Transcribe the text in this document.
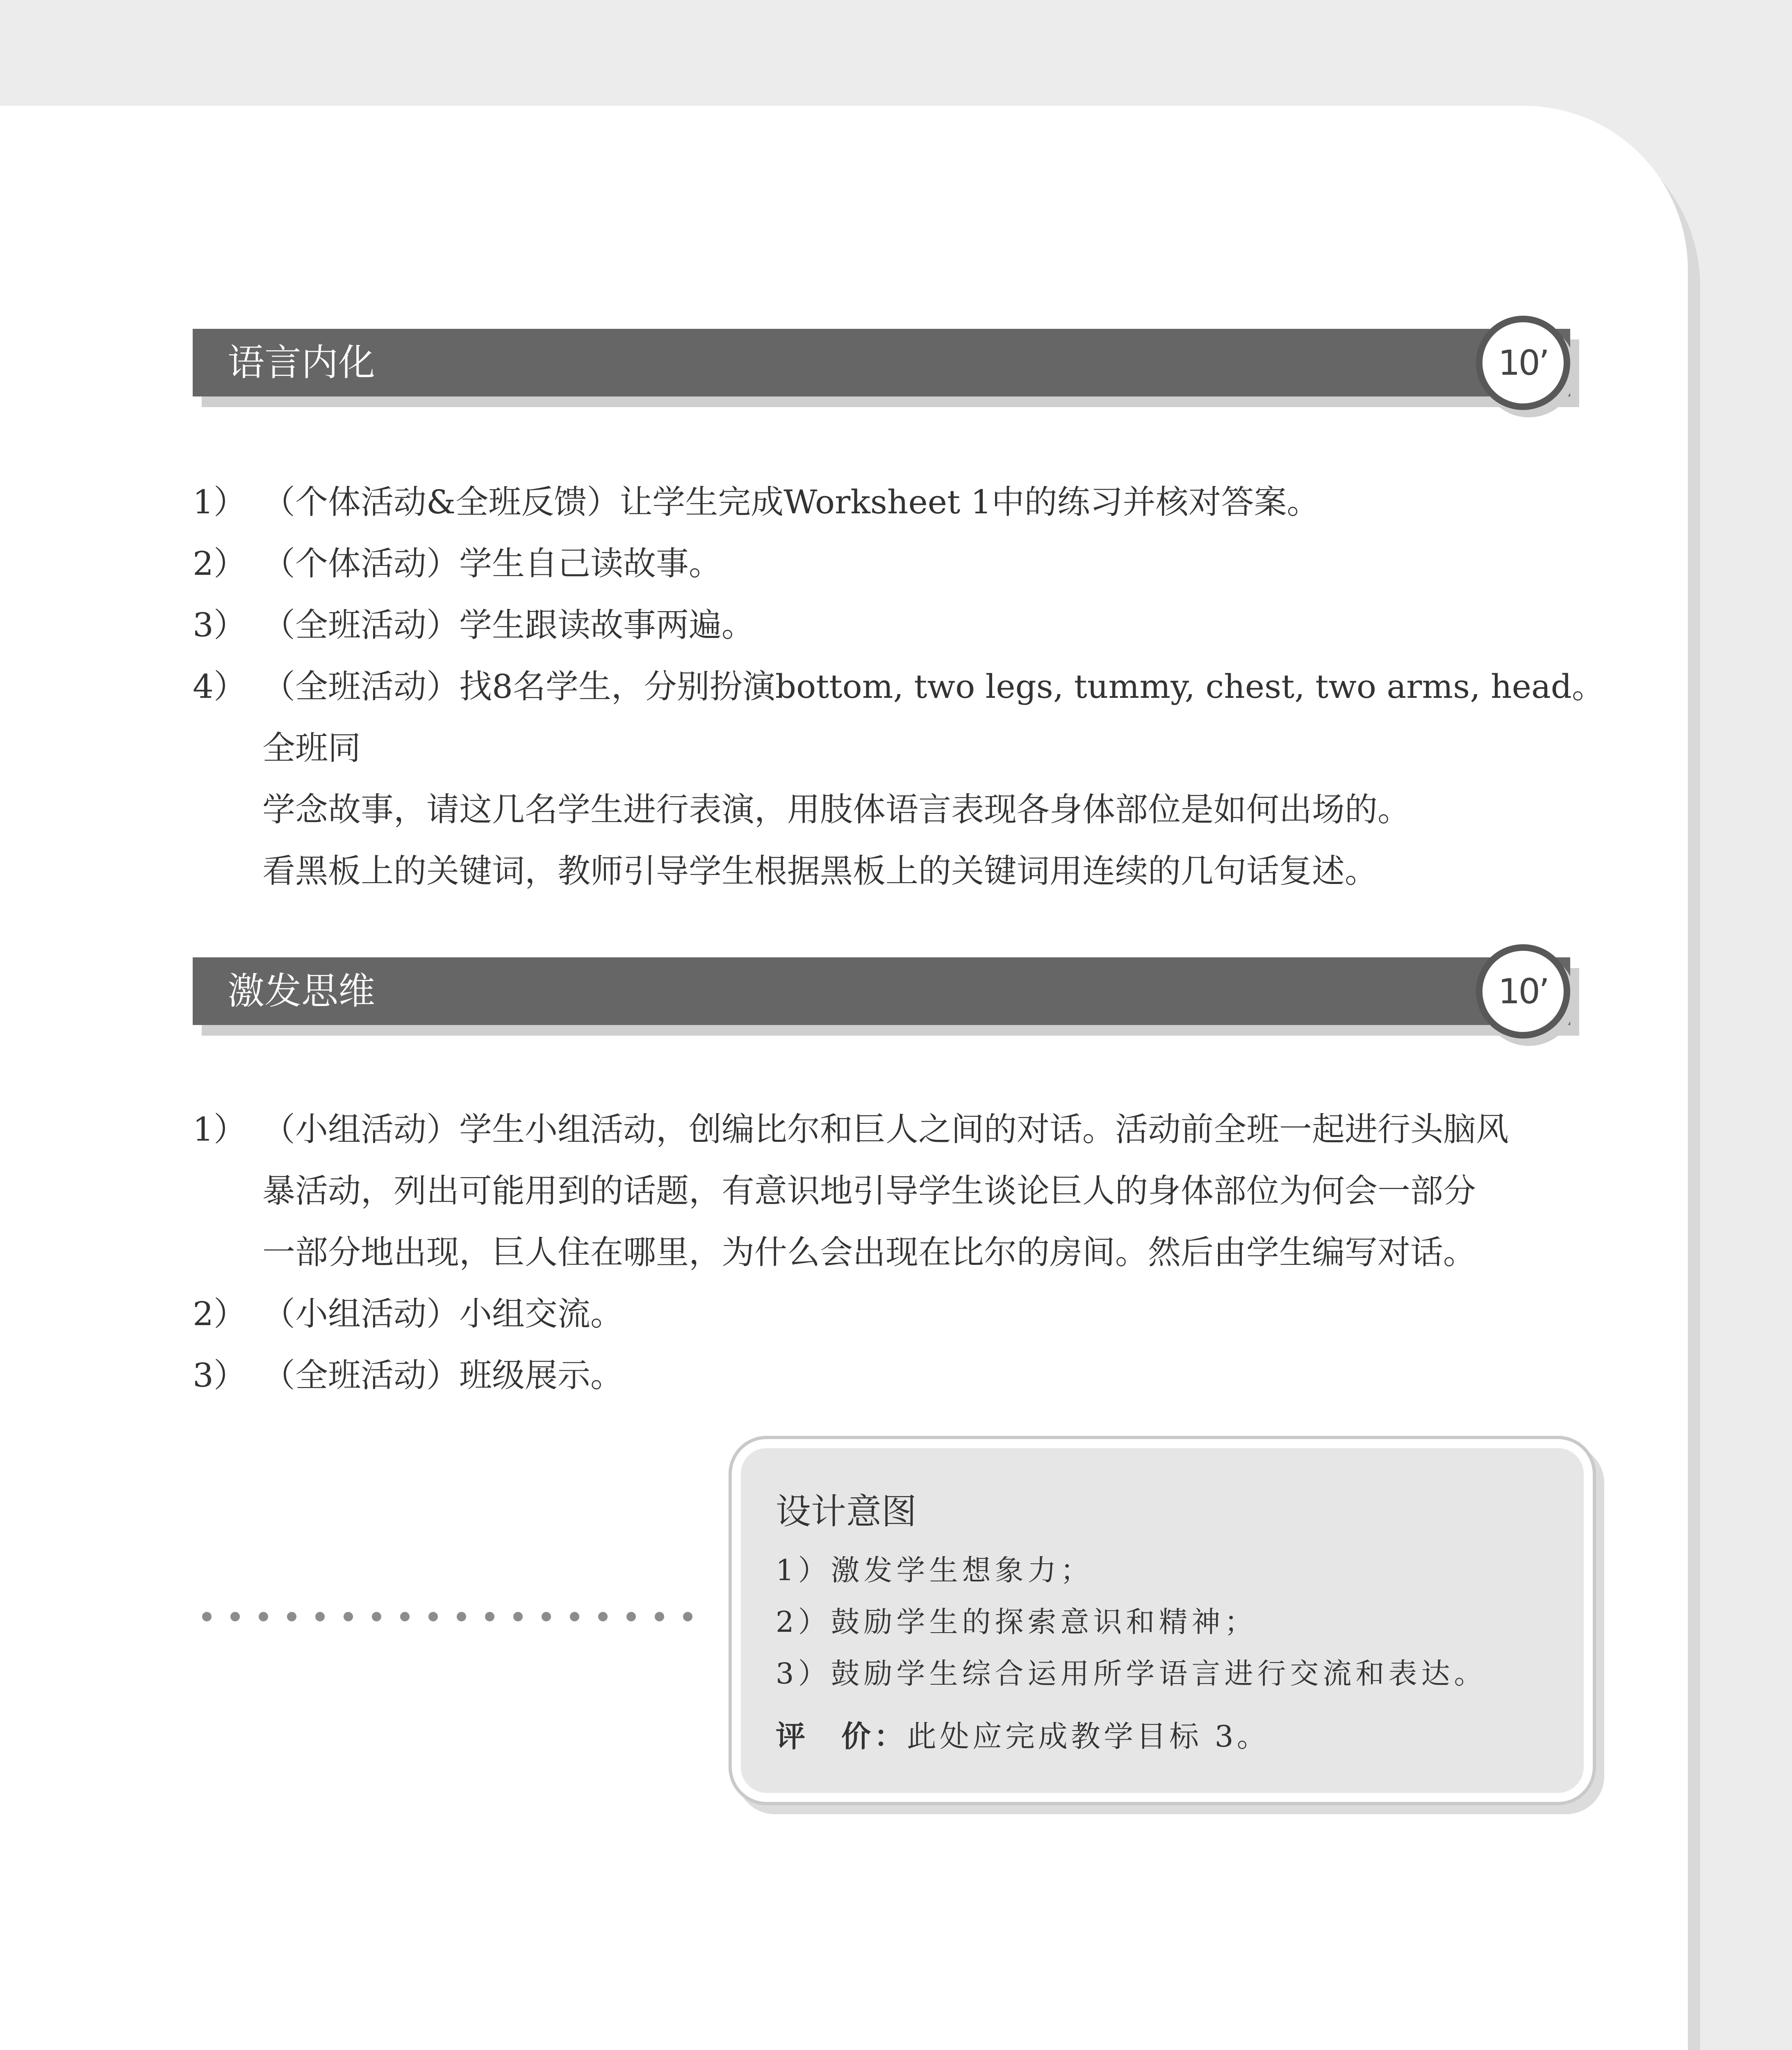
语言内化	10’
1） （个体活动&全班反馈）让学生完成Worksheet 1中的练习并核对答案。
2） （个体活动）学生自己读故事。
3） （全班活动）学生跟读故事两遍。
4） （全班活动）找8名学生，分别扮演bottom, two legs, tummy, chest, two arms, head。全班同
学念故事，请这几名学生进行表演，用肢体语言表现各身体部位是如何出场的。
看黑板上的关键词，教师引导学生根据黑板上的关键词用连续的几句话复述。
激发思维	10’
1） （小组活动）学生小组活动，创编比尔和巨人之间的对话。活动前全班一起进行头脑风
暴活动，列出可能用到的话题，有意识地引导学生谈论巨人的身体部位为何会一部分
一部分地出现，巨人住在哪里，为什么会出现在比尔的房间。然后由学生编写对话。
2） （小组活动）小组交流。
3） （全班活动）班级展示。
设计意图
1）激发学生想象力；
2）鼓励学生的探索意识和精神；
3）鼓励学生综合运用所学语言进行交流和表达。
评　价：此处应完成教学目标 3。
